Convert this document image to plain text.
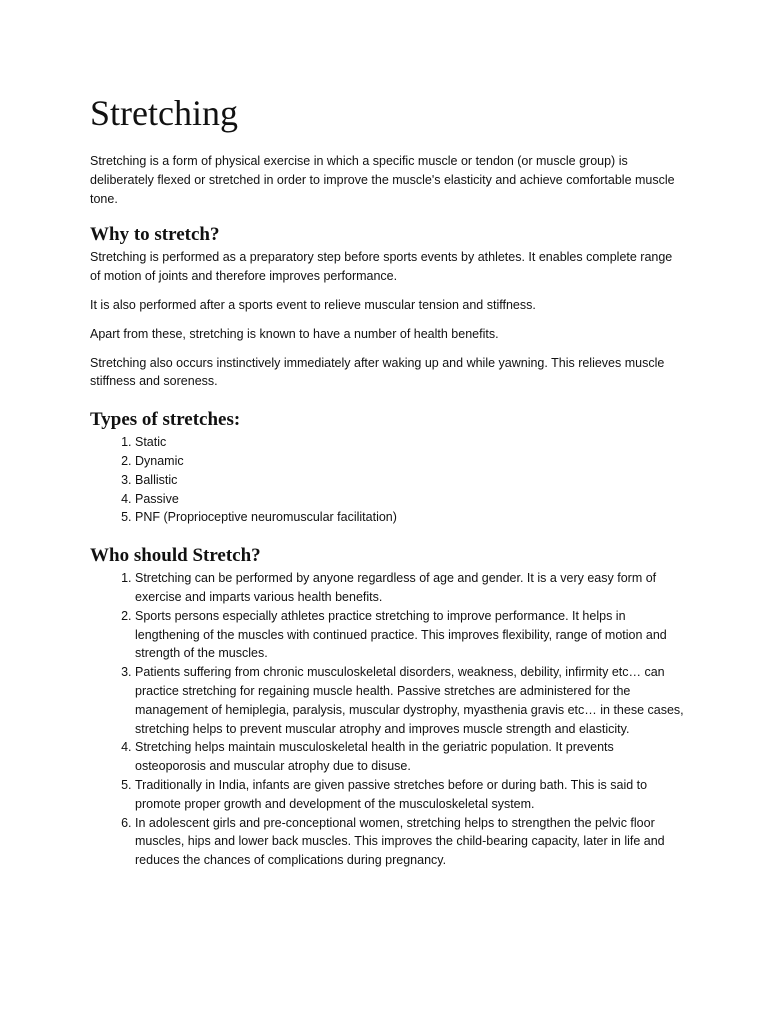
Stretching

Stretching is a form of physical exercise in which a specific muscle or tendon (or muscle group) is deliberately flexed or stretched in order to improve the muscle's elasticity and achieve comfortable muscle tone.

Why to stretch?

Stretching is performed as a preparatory step before sports events by athletes. It enables complete range of motion of joints and therefore improves performance.

It is also performed after a sports event to relieve muscular tension and stiffness.

Apart from these, stretching is known to have a number of health benefits.

Stretching also occurs instinctively immediately after waking up and while yawning. This relieves muscle stiffness and soreness.

Types of stretches:
1. Static
2. Dynamic
3. Ballistic
4. Passive
5. PNF (Proprioceptive neuromuscular facilitation)
Who should Stretch?
1. Stretching can be performed by anyone regardless of age and gender. It is a very easy form of exercise and imparts various health benefits.
2. Sports persons especially athletes practice stretching to improve performance. It helps in lengthening of the muscles with continued practice. This improves flexibility, range of motion and strength of the muscles.
3. Patients suffering from chronic musculoskeletal disorders, weakness, debility, infirmity etc… can practice stretching for regaining muscle health. Passive stretches are administered for the management of hemiplegia, paralysis, muscular dystrophy, myasthenia gravis etc… in these cases, stretching helps to prevent muscular atrophy and improves muscle strength and elasticity.
4. Stretching helps maintain musculoskeletal health in the geriatric population. It prevents osteoporosis and muscular atrophy due to disuse.
5. Traditionally in India, infants are given passive stretches before or during bath. This is said to promote proper growth and development of the musculoskeletal system.
6. In adolescent girls and pre-conceptional women, stretching helps to strengthen the pelvic floor muscles, hips and lower back muscles. This improves the child-bearing capacity, later in life and reduces the chances of complications during pregnancy.
